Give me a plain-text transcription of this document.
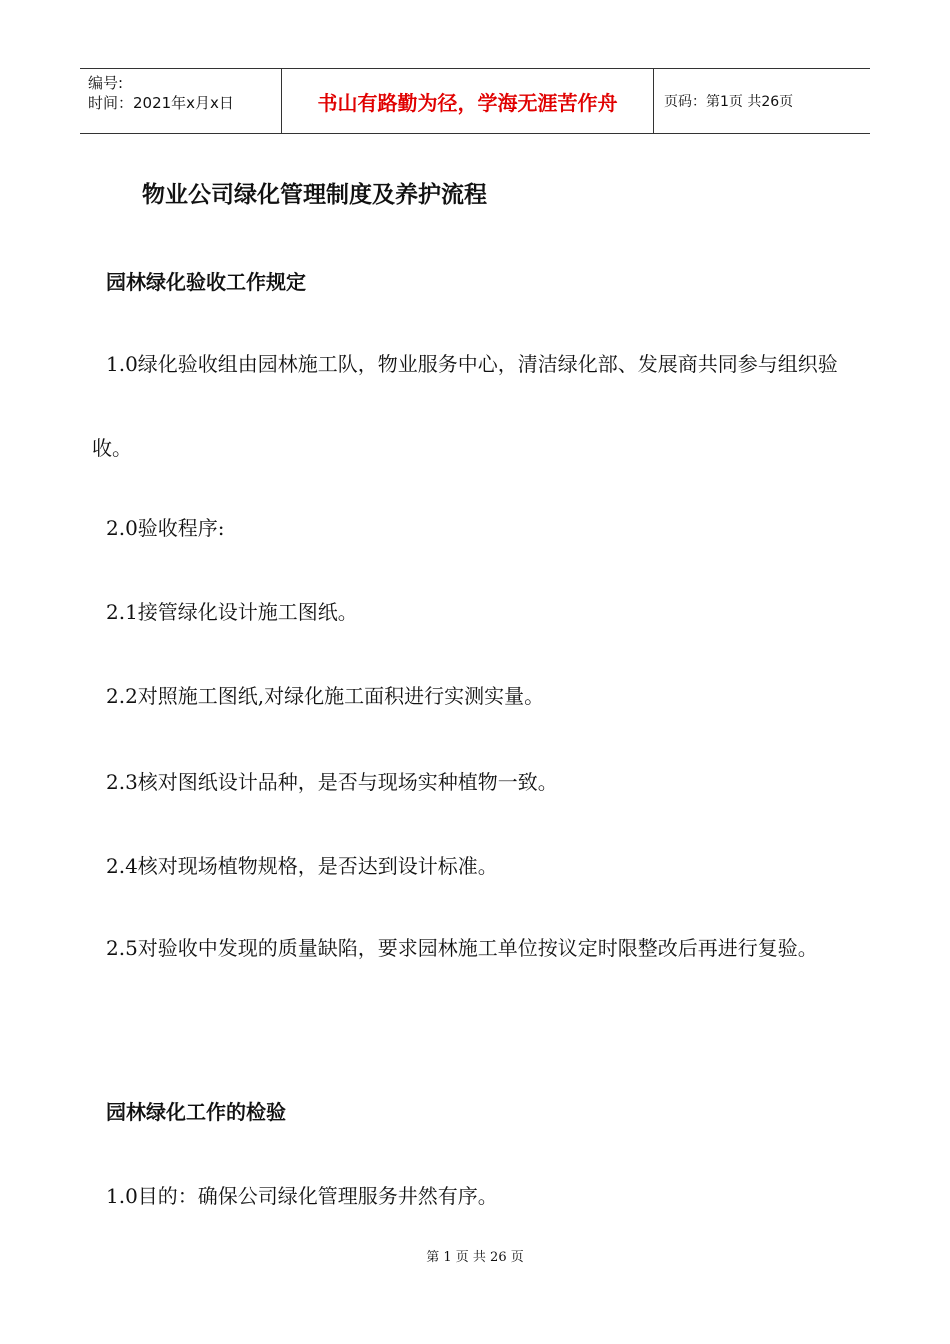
编号:
时间：2021年x月x日	书山有路勤为径，学海无涯苦作舟	页码：第1页 共26页
物业公司绿化管理制度及养护流程
园林绿化验收工作规定
1.0绿化验收组由园林施工队，物业服务中心，清洁绿化部、发展商共同参与组织验收。
2.0验收程序:
2.1接管绿化设计施工图纸。
2.2对照施工图纸,对绿化施工面积进行实测实量。
2.3核对图纸设计品种，是否与现场实种植物一致。
2.4核对现场植物规格，是否达到设计标准。
2.5对验收中发现的质量缺陷，要求园林施工单位按议定时限整改后再进行复验。
园林绿化工作的检验
1.0目的：确保公司绿化管理服务井然有序。
第 1 页 共 26 页
